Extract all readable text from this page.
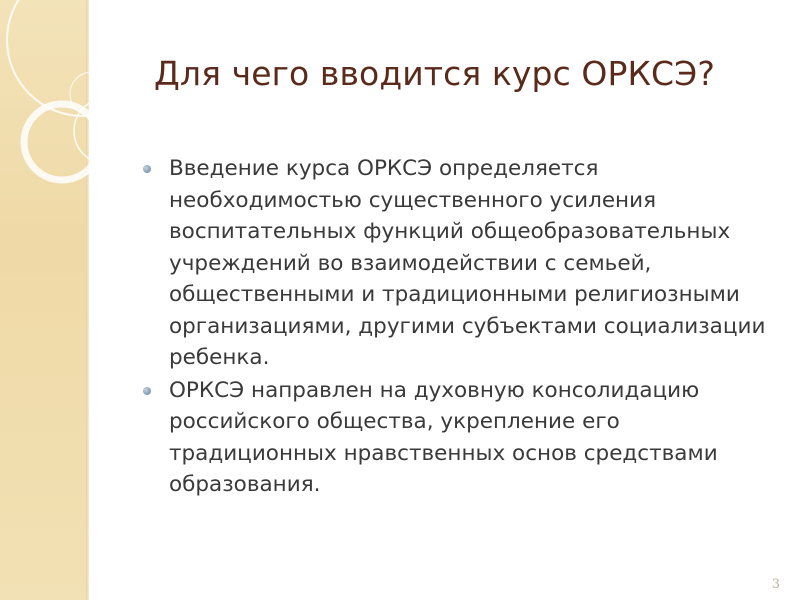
Для чего вводится курс ОРКСЭ?
Введение курса ОРКСЭ определяется необходимостью существенного усиления воспитательных функций общеобразовательных учреждений во взаимодействии с семьей, общественными и традиционными религиозными организациями, другими субъектами социализации ребенка.
ОРКСЭ направлен на духовную консолидацию российского общества, укрепление его традиционных нравственных основ средствами образования.
3
